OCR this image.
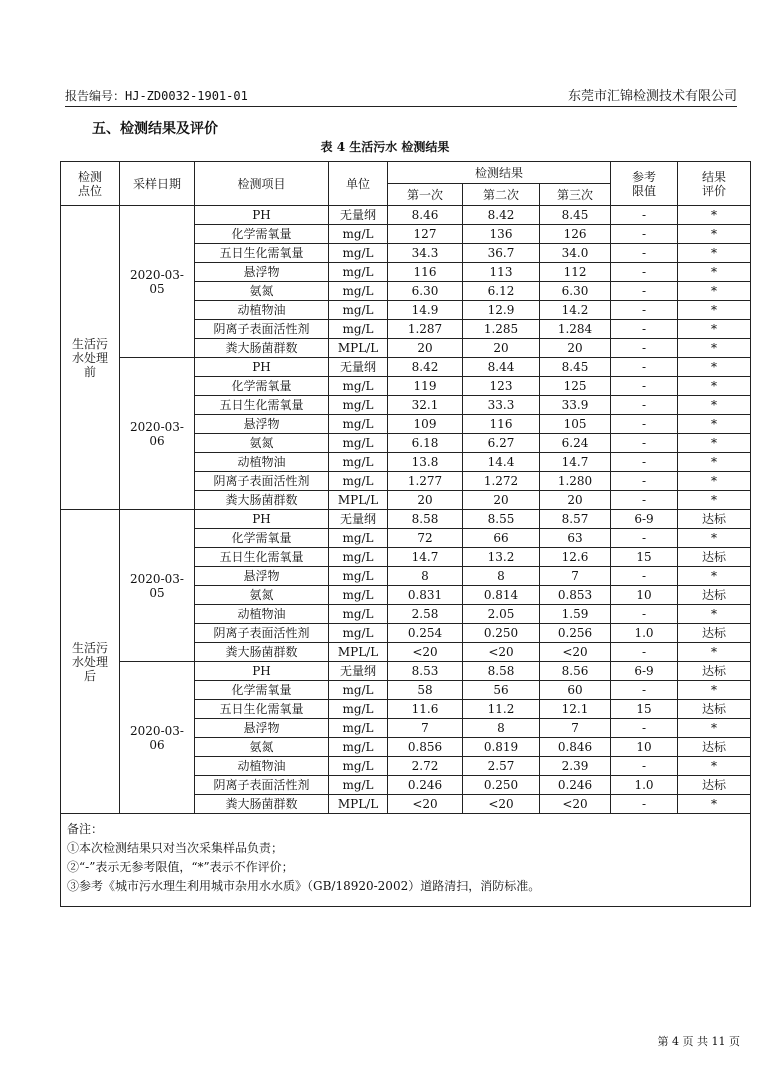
报告编号：HJ-ZD0032-1901-01	东莞市汇锦检测技术有限公司
五、检测结果及评价
表 4 生活污水 检测结果
检测点位	采样日期	检测项目	单位	检测结果			参考限值	结果评价
				第一次	第二次	第三次		
生活污水处理前	2020-03-05	PH	无量纲	8.46	8.42	8.45	-	*
		化学需氧量	mg/L	127	136	126	-	*
		五日生化需氧量	mg/L	34.3	36.7	34.0	-	*
		悬浮物	mg/L	116	113	112	-	*
		氨氮	mg/L	6.30	6.12	6.30	-	*
		动植物油	mg/L	14.9	12.9	14.2	-	*
		阴离子表面活性剂	mg/L	1.287	1.285	1.284	-	*
		粪大肠菌群数	MPL/L	20	20	20	-	*
	2020-03-06	PH	无量纲	8.42	8.44	8.45	-	*
		化学需氧量	mg/L	119	123	125	-	*
		五日生化需氧量	mg/L	32.1	33.3	33.9	-	*
		悬浮物	mg/L	109	116	105	-	*
		氨氮	mg/L	6.18	6.27	6.24	-	*
		动植物油	mg/L	13.8	14.4	14.7	-	*
		阴离子表面活性剂	mg/L	1.277	1.272	1.280	-	*
		粪大肠菌群数	MPL/L	20	20	20	-	*
生活污水处理后	2020-03-05	PH	无量纲	8.58	8.55	8.57	6-9	达标
		化学需氧量	mg/L	72	66	63	-	*
		五日生化需氧量	mg/L	14.7	13.2	12.6	15	达标
		悬浮物	mg/L	8	8	7	-	*
		氨氮	mg/L	0.831	0.814	0.853	10	达标
		动植物油	mg/L	2.58	2.05	1.59	-	*
		阴离子表面活性剂	mg/L	0.254	0.250	0.256	1.0	达标
		粪大肠菌群数	MPL/L	<20	<20	<20	-	*
	2020-03-06	PH	无量纲	8.53	8.58	8.56	6-9	达标
		化学需氧量	mg/L	58	56	60	-	*
		五日生化需氧量	mg/L	11.6	11.2	12.1	15	达标
		悬浮物	mg/L	7	8	7	-	*
		氨氮	mg/L	0.856	0.819	0.846	10	达标
		动植物油	mg/L	2.72	2.57	2.39	-	*
		阴离子表面活性剂	mg/L	0.246	0.250	0.246	1.0	达标
		粪大肠菌群数	MPL/L	<20	<20	<20	-	*

备注：
①本次检测结果只对当次采集样品负责；
②“-”表示无参考限值，“*”表示不作评价；
③参考《城市污水理生利用城市杂用水水质》（GB/18920-2002）道路清扫，消防标准。								
第 4 页 共 11 页
